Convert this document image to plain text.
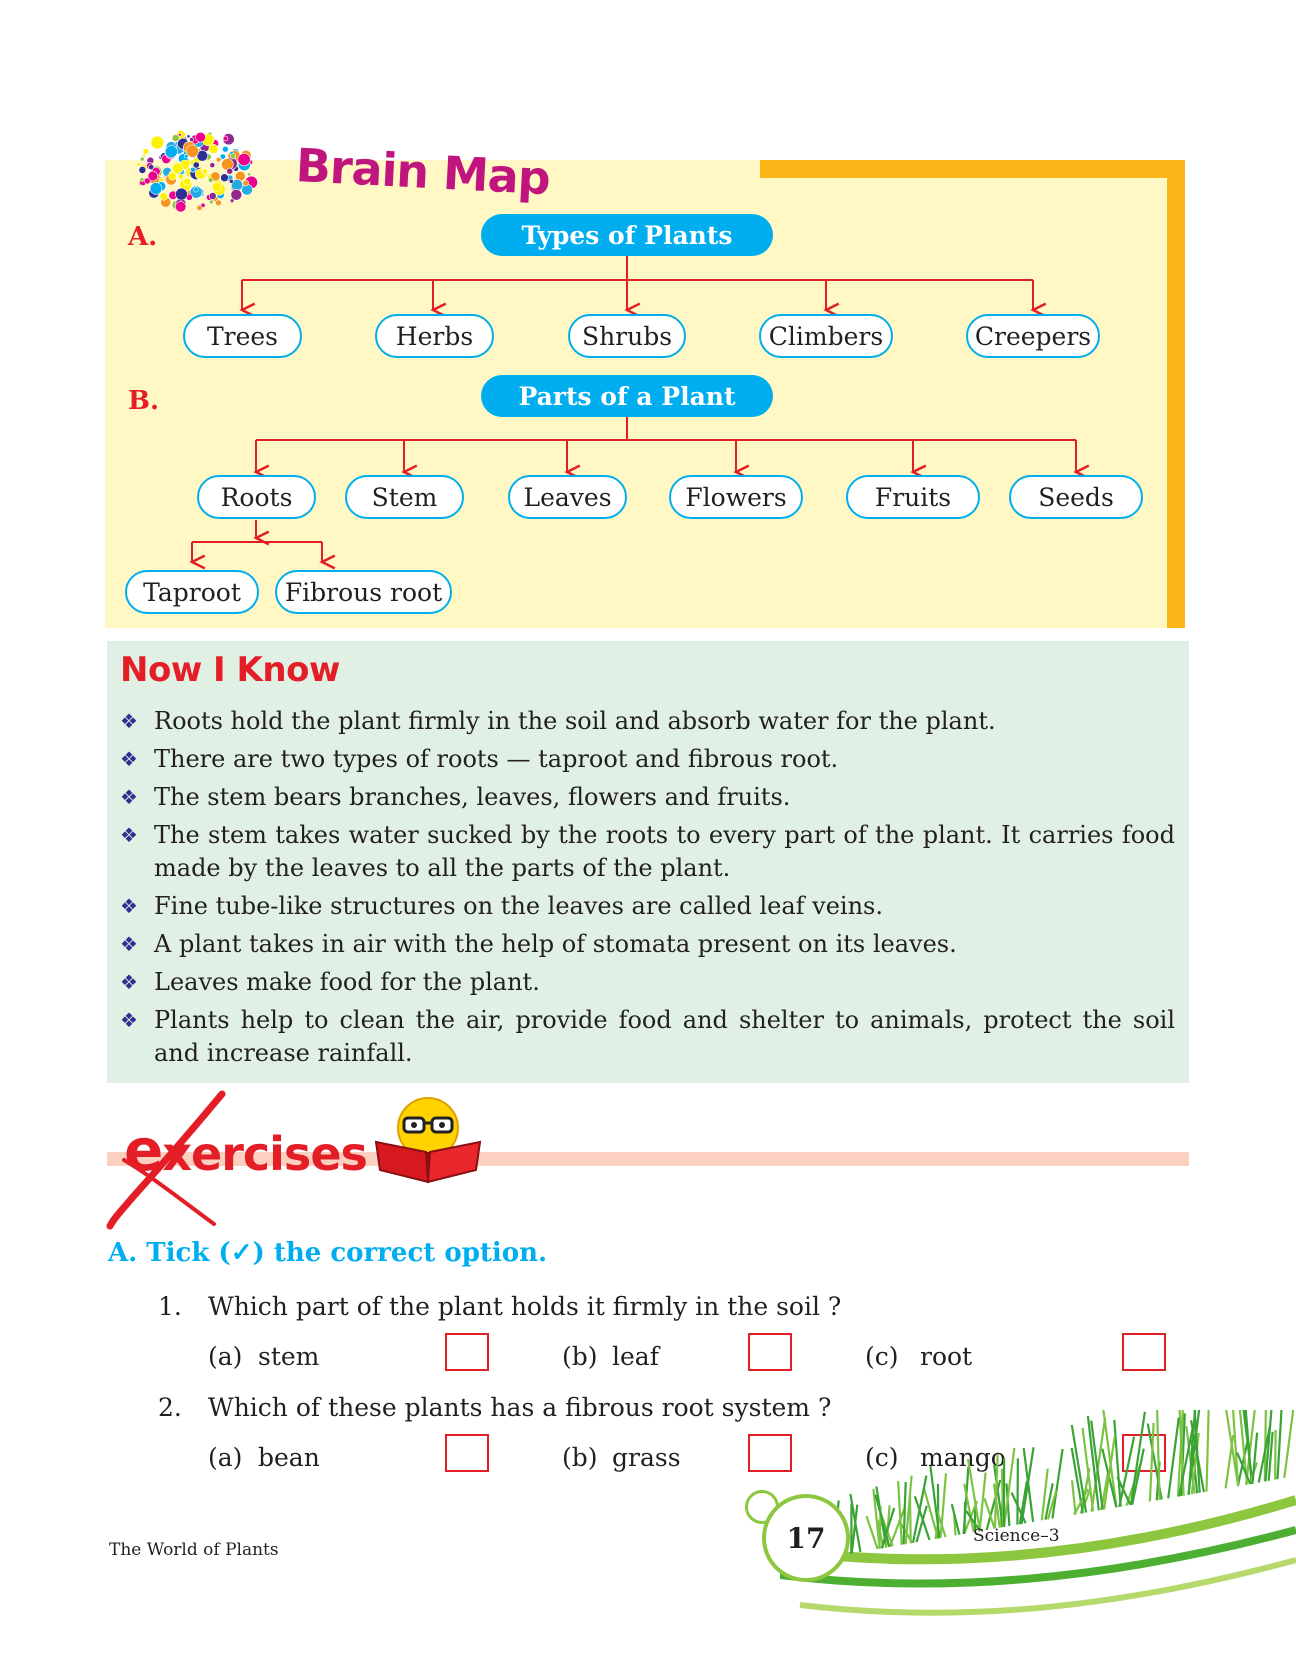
Brain Map
A.	Types of Plants
Trees	Herbs	Shrubs	Climbers	Creepers
B.	Parts of a Plant
Roots	Stem	Leaves	Flowers	Fruits	Seeds
Taproot	Fibrous root
Now I Know
❖ Roots hold the plant firmly in the soil and absorb water for the plant.
❖ There are two types of roots — taproot and fibrous root.
❖ The stem bears branches, leaves, flowers and fruits.
❖ The stem takes water sucked by the roots to every part of the plant. It carries food made by the leaves to all the parts of the plant.
❖ Fine tube-like structures on the leaves are called leaf veins.
❖ A plant takes in air with the help of stomata present on its leaves.
❖ Leaves make food for the plant.
❖ Plants help to clean the air, provide food and shelter to animals, protect the soil and increase rainfall.
exercises
A. Tick (✓) the correct option.
1. Which part of the plant holds it firmly in the soil ?
(a) stem	(b) leaf	(c) root
2. Which of these plants has a fibrous root system ?
(a) bean	(b) grass	(c) mango
The World of Plants	17	Science–3
